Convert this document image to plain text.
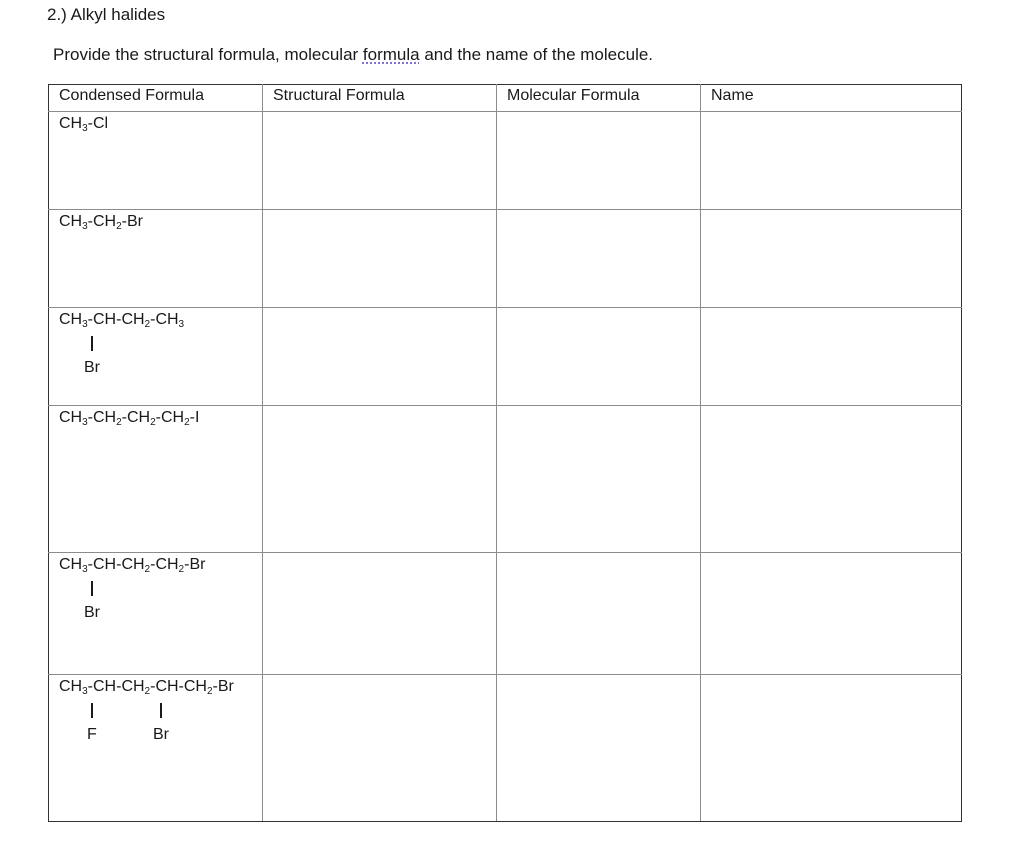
2.) Alkyl halides
Provide the structural formula, molecular formula and the name of the molecule.
Condensed Formula	Structural Formula	Molecular Formula	Name

$CH_3-Cl$			

$CH_3-CH_2-Br$			

$CH_3-CH-CH_2-CH_3$
Br			

$CH_3-CH_2-CH_2-CH_2-I$			

$CH_3-CH-CH_2-CH_2-Br$
Br			

$CH_3-CH-CH_2-CH-CH_2-Br$
F Br			
